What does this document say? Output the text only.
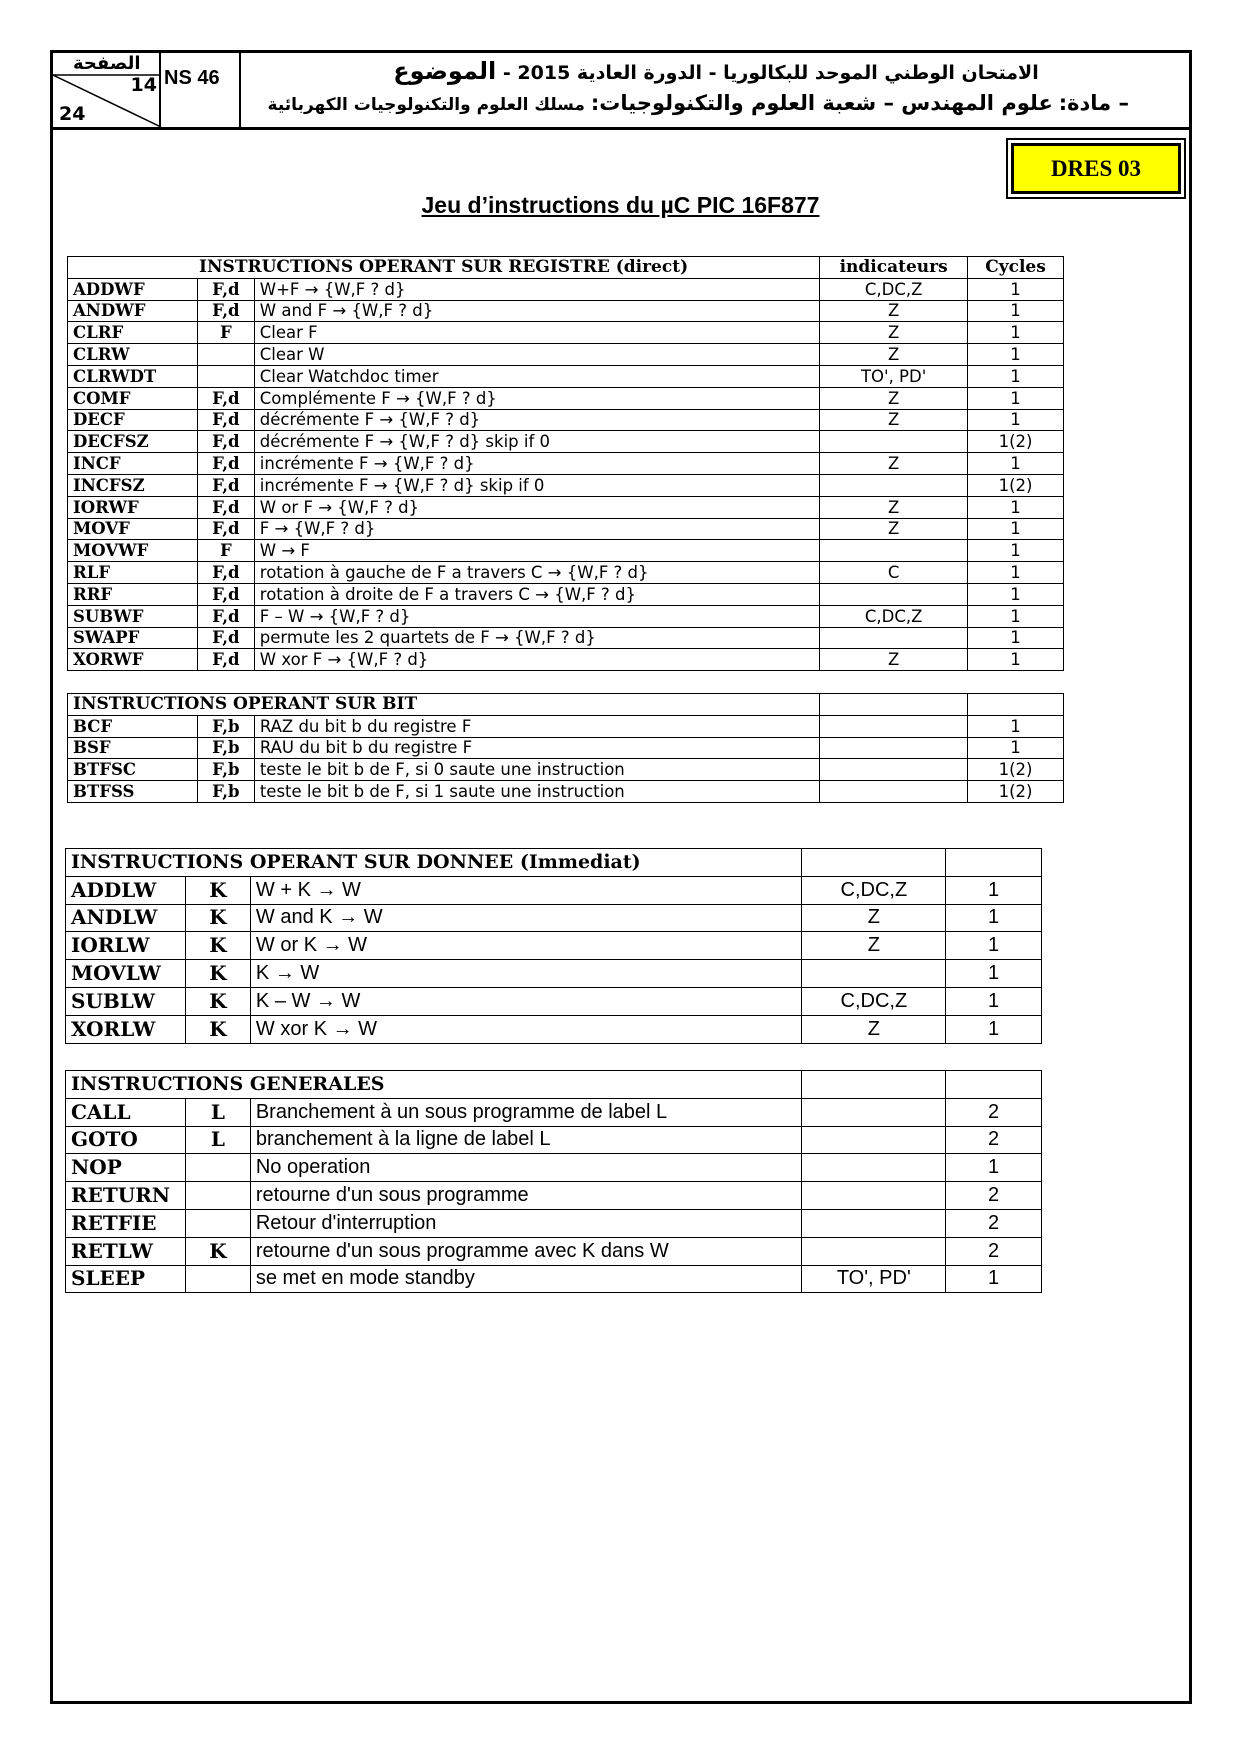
الصفحة
14
24
NS 46	الامتحان الوطني الموحد للبكالوريا - الدورة العادية 2015 - الموضوع
– مادة: علوم المهندس – شعبة العلوم والتكنولوجيات: مسلك العلوم والتكنولوجيات الكهربائية
DRES 03
Jeu d’instructions du µC PIC 16F877
INSTRUCTIONS OPERANT SUR REGISTRE (direct)			indicateurs	Cycles
ADDWF	F,d	W+F → {W,F ? d}	C,DC,Z	1
ANDWF	F,d	W and F → {W,F ? d}	Z	1
CLRF	F	Clear F	Z	1
CLRW		Clear W	Z	1
CLRWDT		Clear Watchdoc timer	TO', PD'	1
COMF	F,d	Complémente F → {W,F ? d}	Z	1
DECF	F,d	décrémente F → {W,F ? d}	Z	1
DECFSZ	F,d	décrémente F → {W,F ? d} skip if 0		1(2)
INCF	F,d	incrémente F → {W,F ? d}	Z	1
INCFSZ	F,d	incrémente F → {W,F ? d} skip if 0		1(2)
IORWF	F,d	W or F → {W,F ? d}	Z	1
MOVF	F,d	F → {W,F ? d}	Z	1
MOVWF	F	W → F		1
RLF	F,d	rotation à gauche de F a travers C → {W,F ? d}	C	1
RRF	F,d	rotation à droite de F a travers C → {W,F ? d}		1
SUBWF	F,d	F – W → {W,F ? d}	C,DC,Z	1
SWAPF	F,d	permute les 2 quartets de F → {W,F ? d}		1
XORWF	F,d	W xor F → {W,F ? d}	Z	1
INSTRUCTIONS OPERANT SUR BIT				
BCF	F,b	RAZ du bit b du registre F		1
BSF	F,b	RAU du bit b du registre F		1
BTFSC	F,b	teste le bit b de F, si 0 saute une instruction		1(2)
BTFSS	F,b	teste le bit b de F, si 1 saute une instruction		1(2)
INSTRUCTIONS OPERANT SUR DONNEE (Immediat)				
ADDLW	K	W + K → W	C,DC,Z	1
ANDLW	K	W and K → W	Z	1
IORLW	K	W or K → W	Z	1
MOVLW	K	K → W		1
SUBLW	K	K – W → W	C,DC,Z	1
XORLW	K	W xor K → W	Z	1
INSTRUCTIONS GENERALES				
CALL	L	Branchement à un sous programme de label L		2
GOTO	L	branchement à la ligne de label L		2
NOP		No operation		1
RETURN		retourne d'un sous programme		2
RETFIE		Retour d'interruption		2
RETLW	K	retourne d'un sous programme avec K dans W		2
SLEEP		se met en mode standby	TO', PD'	1
